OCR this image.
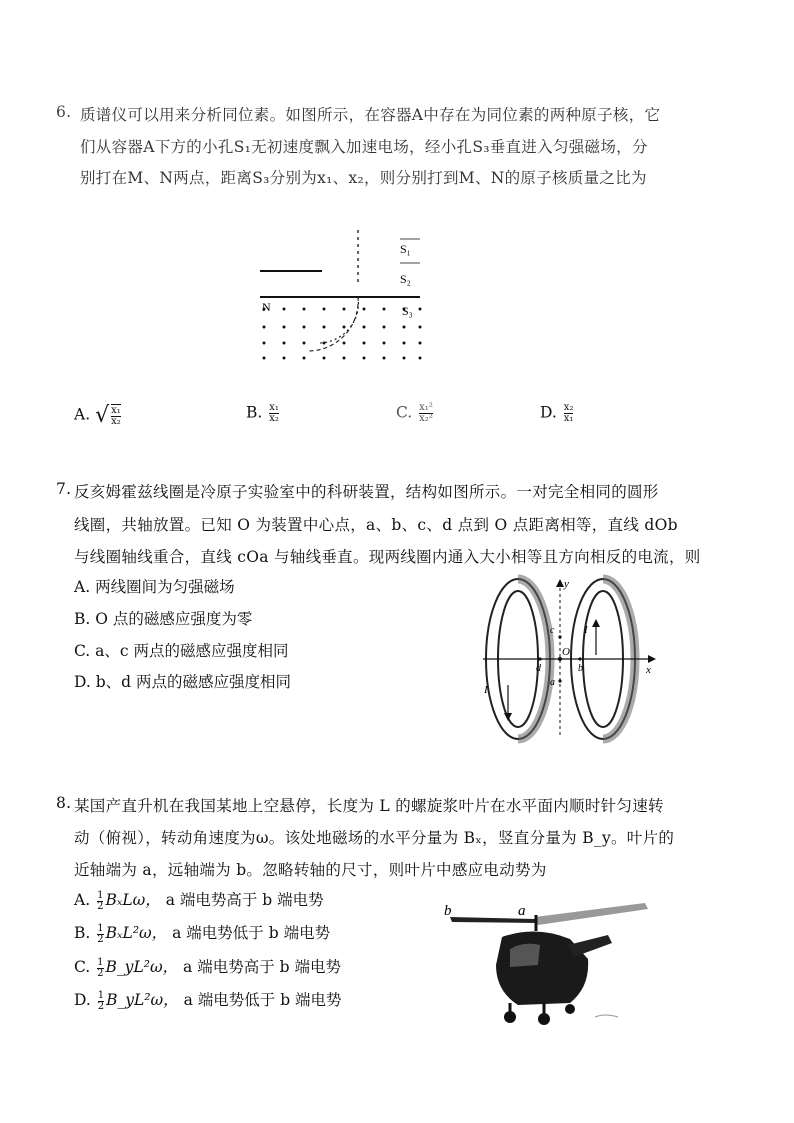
6. 质谱仪可以用来分析同位素。如图所示，在容器A中存在为同位素的两种原子核，它
们从容器A下方的小孔S₁无初速度飘入加速电场，经小孔S₃垂直进入匀强磁场，分
别打在M、N两点，距离S₃分别为x₁、x₂，则分别打到M、N的原子核质量之比为
S₁
S₂
S₃
N
A. √ $\frac{\text{x₁}}{\text{x₂}}$	B. $\frac{\text{x₁}}{\text{x₂}}$	C. $\frac{\text{x₁²}}{\text{x₂²}}$	D. $\frac{\text{x₂}}{\text{x₁}}$
7. 反亥姆霍兹线圈是冷原子实验室中的科研装置，结构如图所示。一对完全相同的圆形
线圈，共轴放置。已知 O 为装置中心点，a、b、c、d 点到 O 点距离相等，直线 dOb
与线圈轴线重合，直线 cOa 与轴线垂直。现两线圈内通入大小相等且方向相反的电流，则
A. 两线圈间为匀强磁场
B. O 点的磁感应强度为零
C. a、c 两点的磁感应强度相同
D. b、d 两点的磁感应强度相同
y
x
O
a
b
c
d
I
I
8. 某国产直升机在我国某地上空悬停，长度为 L 的螺旋浆叶片在水平面内顺时针匀速转
动（俯视），转动角速度为ω。该处地磁场的水平分量为 Bₓ，竖直分量为 B_y。叶片的
近轴端为 a，远轴端为 b。忽略转轴的尺寸，则叶片中感应电动势为
A. $\frac{1}{2}$ BₓLω， a 端电势高于 b 端电势
B. $\frac{1}{2} B_xL^2\omega$， a 端电势低于 b 端电势
C. $\frac{1}{2}$ B_yL²ω， a 端电势高于 b 端电势
D. $\frac{1}{2}$ B_yL²ω， a 端电势低于 b 端电势
b	a
